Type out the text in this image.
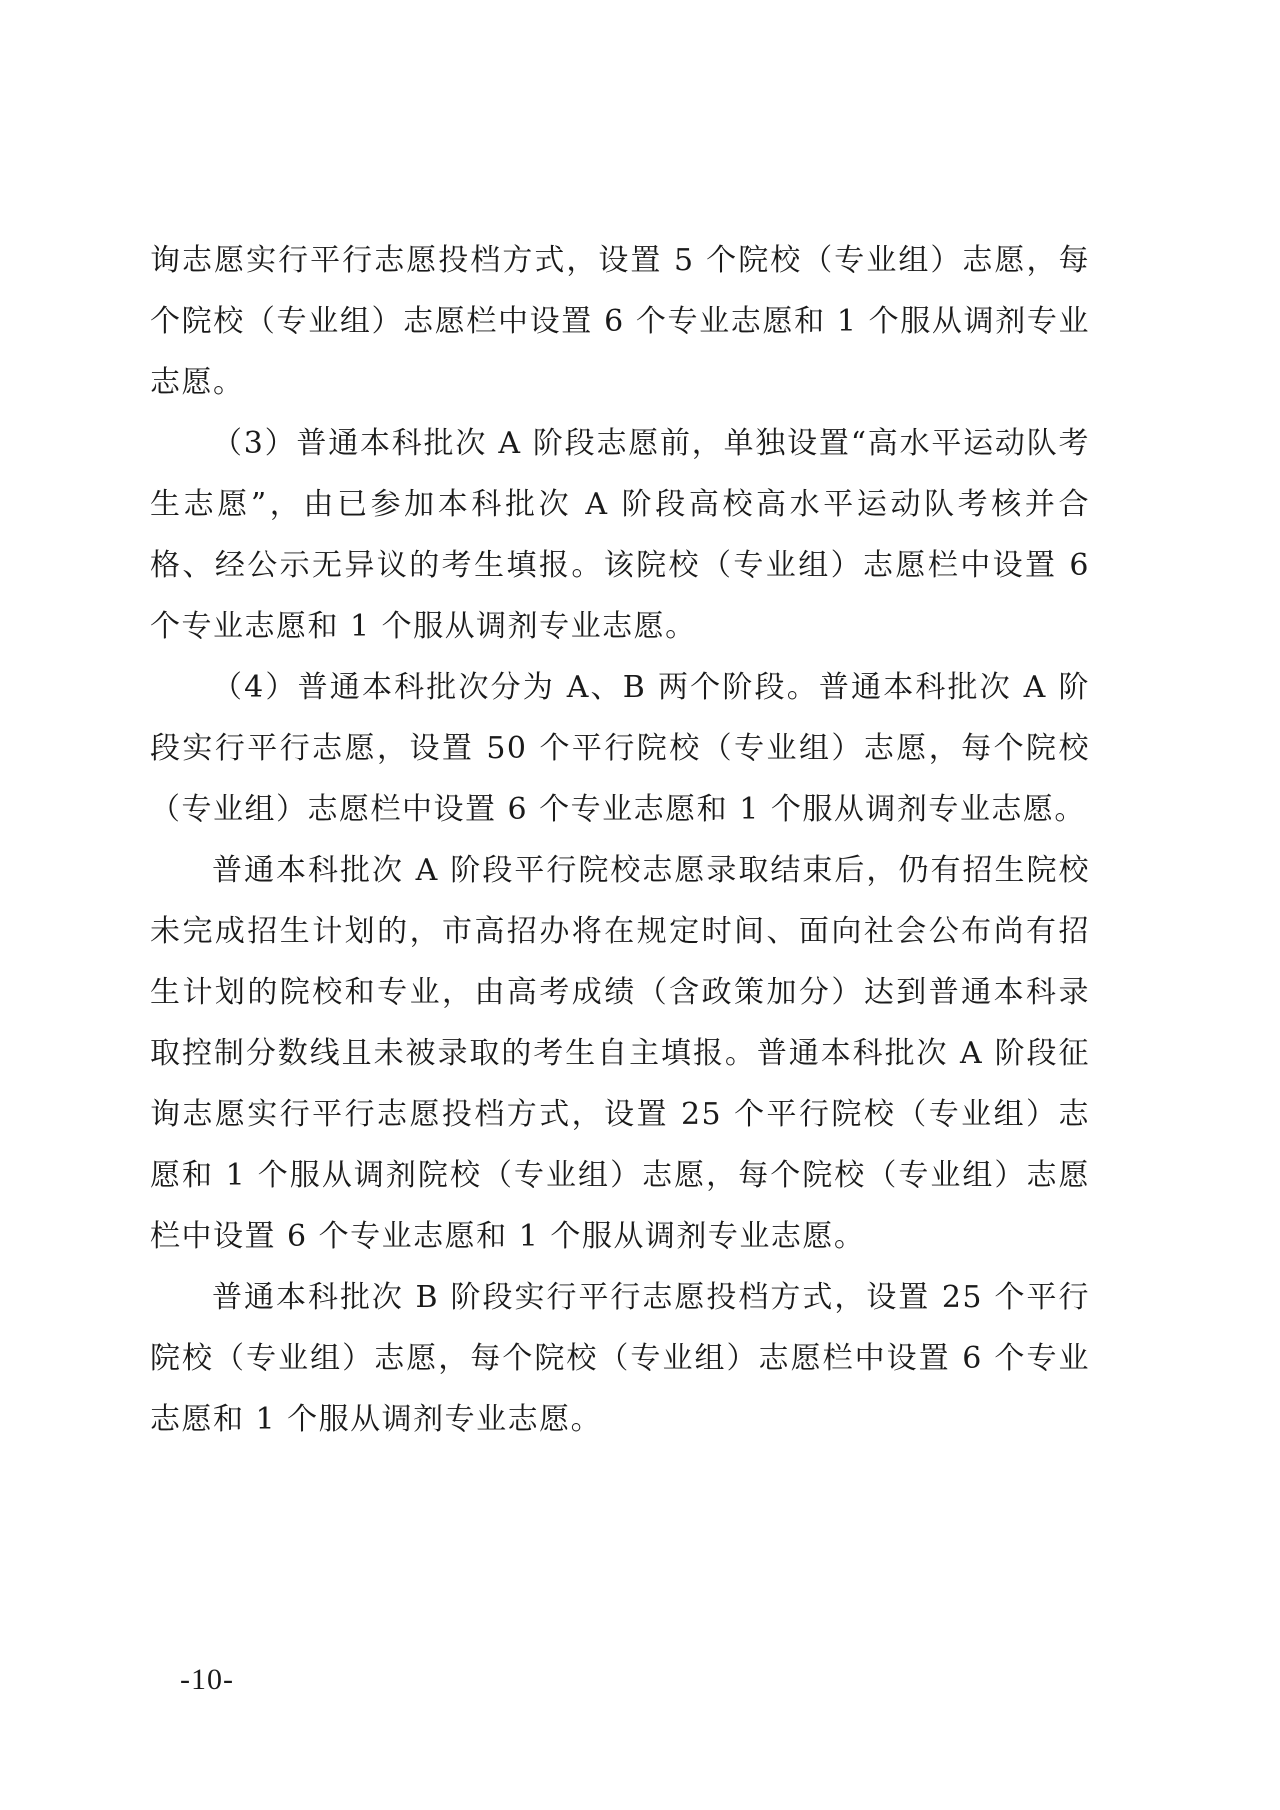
询志愿实行平行志愿投档方式，设置 5 个院校（专业组）志愿，每个院校（专业组）志愿栏中设置 6 个专业志愿和 1 个服从调剂专业志愿。

（3）普通本科批次 A 阶段志愿前，单独设置“高水平运动队考生志愿”，由已参加本科批次 A 阶段高校高水平运动队考核并合格、经公示无异议的考生填报。该院校（专业组）志愿栏中设置 6 个专业志愿和 1 个服从调剂专业志愿。

（4）普通本科批次分为 A、B 两个阶段。普通本科批次 A 阶段实行平行志愿，设置 50 个平行院校（专业组）志愿，每个院校（专业组）志愿栏中设置 6 个专业志愿和 1 个服从调剂专业志愿。

普通本科批次 A 阶段平行院校志愿录取结束后，仍有招生院校未完成招生计划的，市高招办将在规定时间、面向社会公布尚有招生计划的院校和专业，由高考成绩（含政策加分）达到普通本科录取控制分数线且未被录取的考生自主填报。普通本科批次 A 阶段征询志愿实行平行志愿投档方式，设置 25 个平行院校（专业组）志愿和 1 个服从调剂院校（专业组）志愿，每个院校（专业组）志愿栏中设置 6 个专业志愿和 1 个服从调剂专业志愿。

普通本科批次 B 阶段实行平行志愿投档方式，设置 25 个平行院校（专业组）志愿，每个院校（专业组）志愿栏中设置 6 个专业志愿和 1 个服从调剂专业志愿。

-10-
